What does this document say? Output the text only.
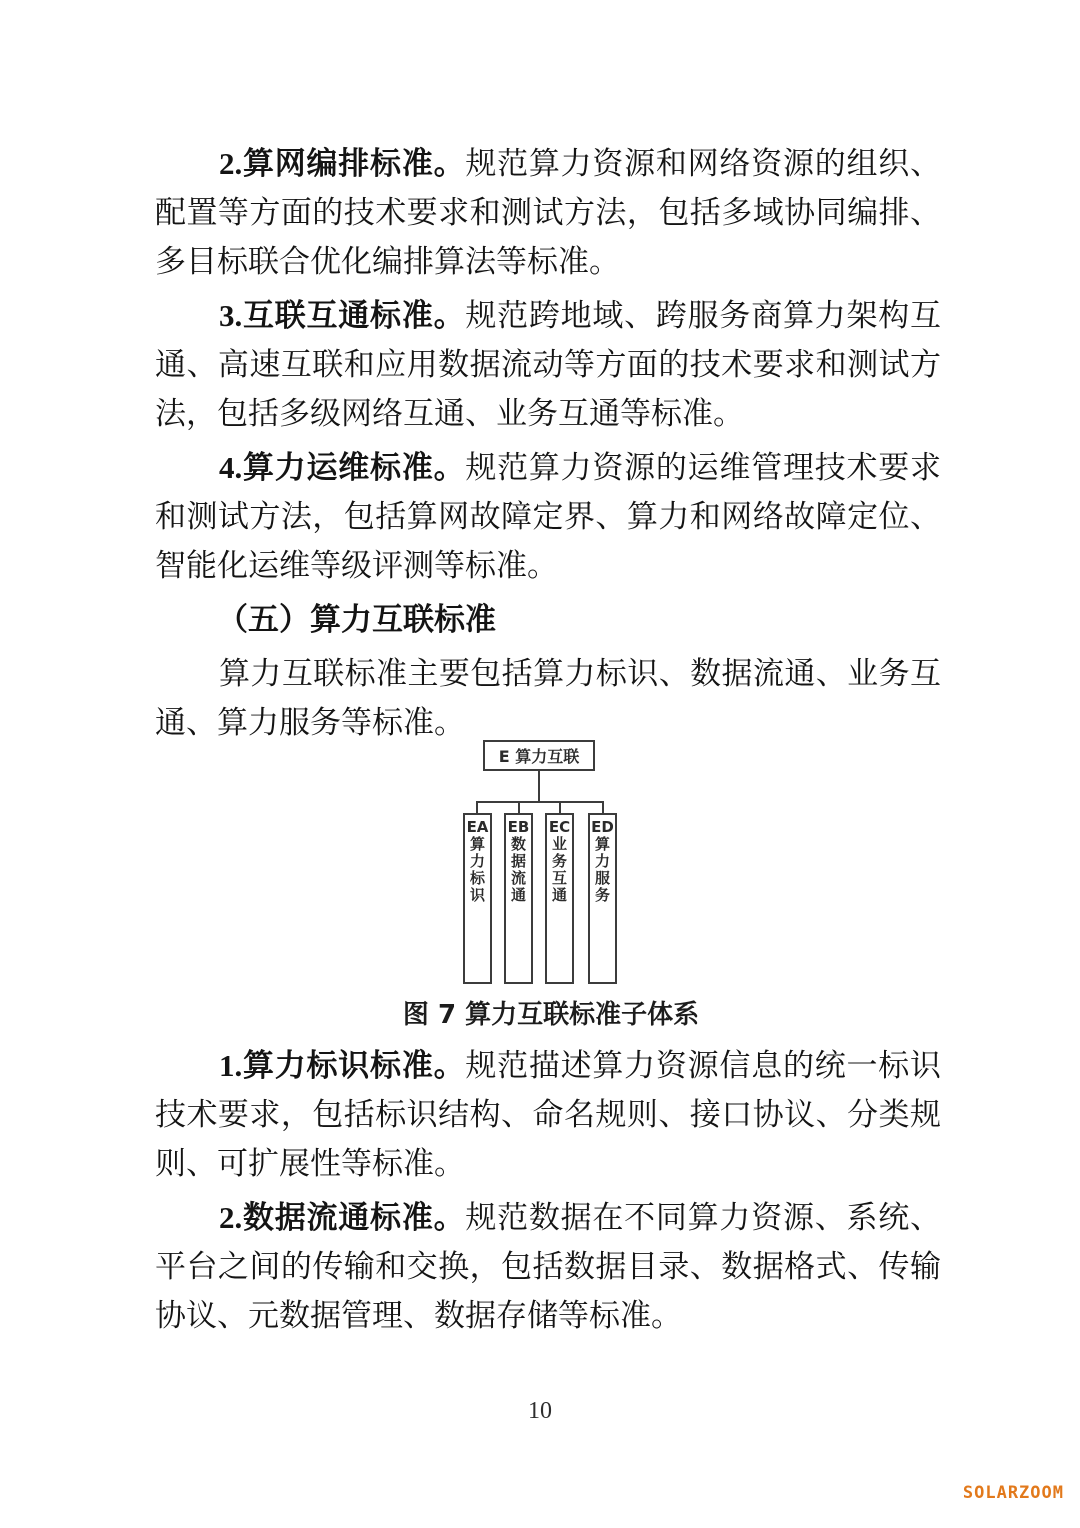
2.算网编排标准。规范算力资源和网络资源的组织、配置等方面的技术要求和测试方法，包括多域协同编排、多目标联合优化编排算法等标准。

3.互联互通标准。规范跨地域、跨服务商算力架构互通、高速互联和应用数据流动等方面的技术要求和测试方法，包括多级网络互通、业务互通等标准。

4.算力运维标准。规范算力资源的运维管理技术要求和测试方法，包括算网故障定界、算力和网络故障定位、智能化运维等级评测等标准。

（五）算力互联标准

算力互联标准主要包括算力标识、数据流通、业务互通、算力服务等标准。

E 算力互联
EA
算力标识
EB
数据流通
EC
业务互通
ED
算力服务
图 7 算力互联标准子体系

1.算力标识标准。规范描述算力资源信息的统一标识技术要求，包括标识结构、命名规则、接口协议、分类规则、可扩展性等标准。

2.数据流通标准。规范数据在不同算力资源、系统、平台之间的传输和交换，包括数据目录、数据格式、传输协议、元数据管理、数据存储等标准。

10
SOLARZOOM
